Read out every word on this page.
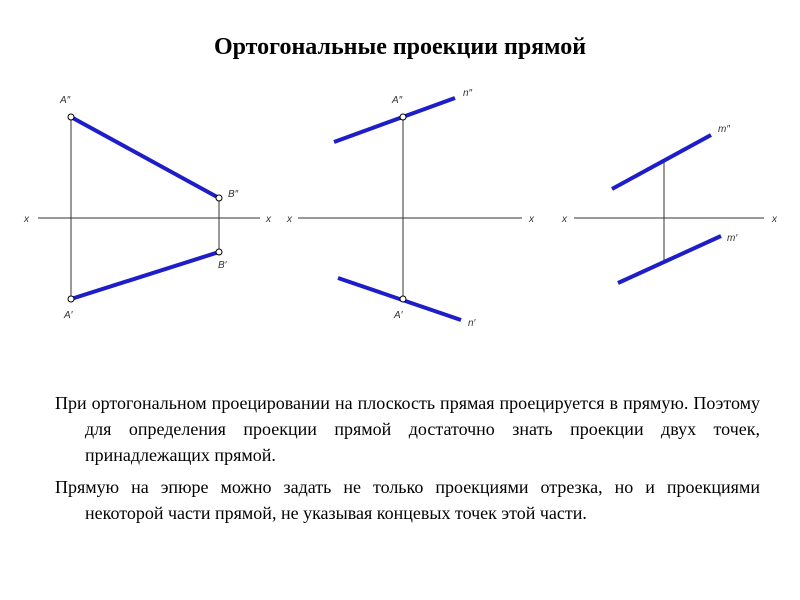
Ортогональные проекции прямой
x	x
A″
B″
B′
A′
x	x
A″
n″
A′
n′
x	x
m″
m′

При ортогональном проецировании на плоскость прямая проецируется в прямую. Поэтому для определения проекции прямой достаточно знать проекции двух точек, принадлежащих прямой.

Прямую на эпюре можно задать не только проекциями отрезка, но и проекциями некоторой части прямой, не указывая концевых точек этой части.
